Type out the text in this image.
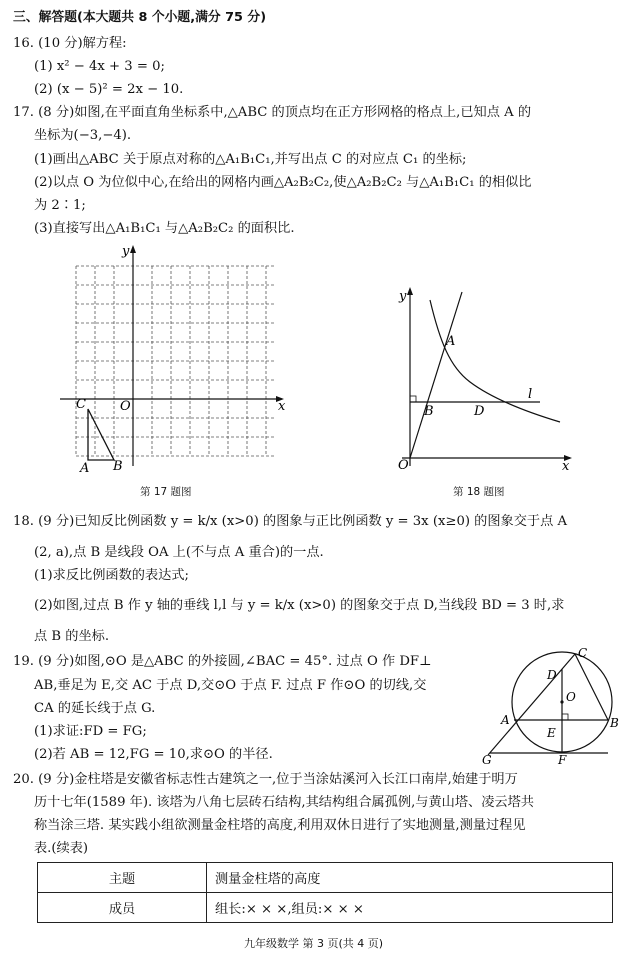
三、解答题(本大题共 8 个小题,满分 75 分)
16. (10 分)解方程:
(1) x² − 4x + 3 = 0;
(2) (x − 5)² = 2x − 10.
17. (8 分)如图,在平面直角坐标系中,△ABC 的顶点均在正方形网格的格点上,已知点 A 的
坐标为(−3,−4).
(1)画出△ABC 关于原点对称的△A₁B₁C₁,并写出点 C 的对应点 C₁ 的坐标;
(2)以点 O 为位似中心,在给出的网格内画△A₂B₂C₂,使△A₂B₂C₂ 与△A₁B₁C₁ 的相似比
为 2∶1;
(3)直接写出△A₁B₁C₁ 与△A₂B₂C₂ 的面积比.
y
x
O
C
A B
第 17 题图
y
x
O
A
B	D
l
第 18 题图
18. (9 分)已知反比例函数 y = k/x (x>0) 的图象与正比例函数 y = 3x (x≥0) 的图象交于点 A
(2, a),点 B 是线段 OA 上(不与点 A 重合)的一点.
(1)求反比例函数的表达式;
(2)如图,过点 B 作 y 轴的垂线 l,l 与 y = k/x (x>0) 的图象交于点 D,当线段 BD = 3 时,求
点 B 的坐标.
19. (9 分)如图,⊙O 是△ABC 的外接圆,∠BAC = 45°. 过点 O 作 DF⊥
AB,垂足为 E,交 AC 于点 D,交⊙O 于点 F. 过点 F 作⊙O 的切线,交
CA 的延长线于点 G.
(1)求证:FD = FG;
(2)若 AB = 12,FG = 10,求⊙O 的半径.
C
D
O
A	B
E
G	F
20. (9 分)金柱塔是安徽省标志性古建筑之一,位于当涂姑溪河入长江口南岸,始建于明万
历十七年(1589 年). 该塔为八角七层砖石结构,其结构组合属孤例,与黄山塔、凌云塔共
称当涂三塔. 某实践小组欲测量金柱塔的高度,利用双休日进行了实地测量,测量过程见
表.(续表)
主题	测量金柱塔的高度
成员	组长:× × ×,组员:× × ×
九年级数学 第 3 页(共 4 页)
